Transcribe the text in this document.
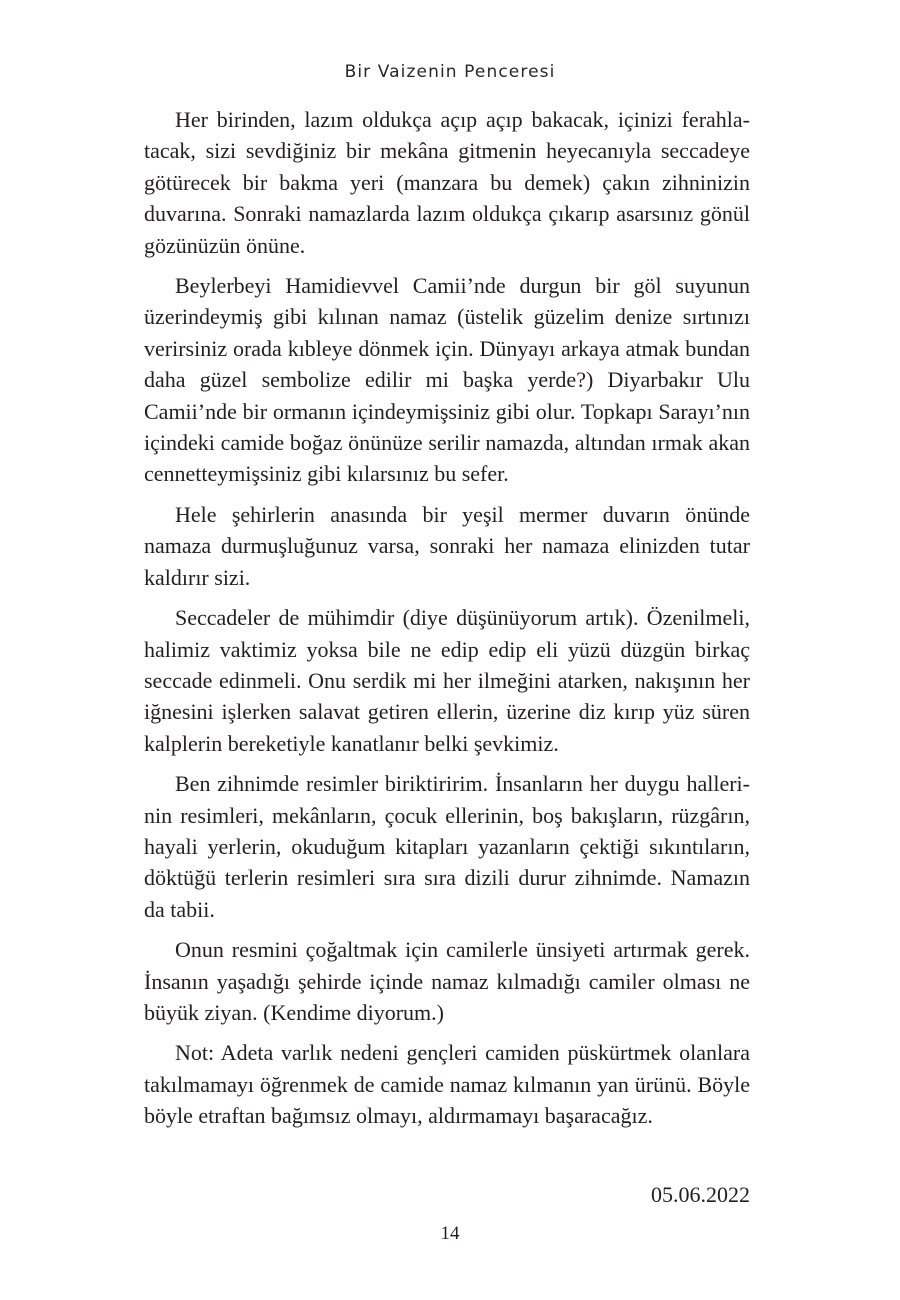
Bir Vaizenin Penceresi

Her birinden, lazım oldukça açıp açıp bakacak, içinizi ferahlatacak, sizi sevdiğiniz bir mekâna gitmenin heyecanıyla seccadeye götürecek bir bakma yeri (manzara bu demek) çakın zihninizin duvarına. Sonraki namazlarda lazım oldukça çıkarıp asarsınız gönül gözünüzün önüne.

Beylerbeyi Hamidievvel Camii’nde durgun bir göl suyunun üzerindeymiş gibi kılınan namaz (üstelik güzelim denize sırtınızı verirsiniz orada kıbleye dönmek için. Dünyayı arkaya atmak bundan daha güzel sembolize edilir mi başka yerde?) Diyarbakır Ulu Camii’nde bir ormanın içindeymişsiniz gibi olur. Topkapı Sarayı’nın içindeki camide boğaz önünüze serilir namazda, altından ırmak akan cennetteymişsiniz gibi kılarsınız bu sefer.

Hele şehirlerin anasında bir yeşil mermer duvarın önünde namaza durmuşluğunuz varsa, sonraki her namaza elinizden tutar kaldırır sizi.

Seccadeler de mühimdir (diye düşünüyorum artık). Özenilmeli, halimiz vaktimiz yoksa bile ne edip edip eli yüzü düzgün birkaç seccade edinmeli. Onu serdik mi her ilmeğini atarken, nakışının her iğnesini işlerken salavat getiren ellerin, üzerine diz kırıp yüz süren kalplerin bereketiyle kanatlanır belki şevkimiz.

Ben zihnimde resimler biriktiririm. İnsanların her duygu hallerinin resimleri, mekânların, çocuk ellerinin, boş bakışların, rüzgârın, hayali yerlerin, okuduğum kitapları yazanların çektiği sıkıntıların, döktüğü terlerin resimleri sıra sıra dizili durur zihnimde. Namazın da tabii.

Onun resmini çoğaltmak için camilerle ünsiyeti artırmak gerek. İnsanın yaşadığı şehirde içinde namaz kılmadığı camiler olması ne büyük ziyan. (Kendime diyorum.)

Not: Adeta varlık nedeni gençleri camiden püskürtmek olanlara takılmamayı öğrenmek de camide namaz kılmanın yan ürünü. Böyle böyle etraftan bağımsız olmayı, aldırmamayı başaracağız.

05.06.2022
14
